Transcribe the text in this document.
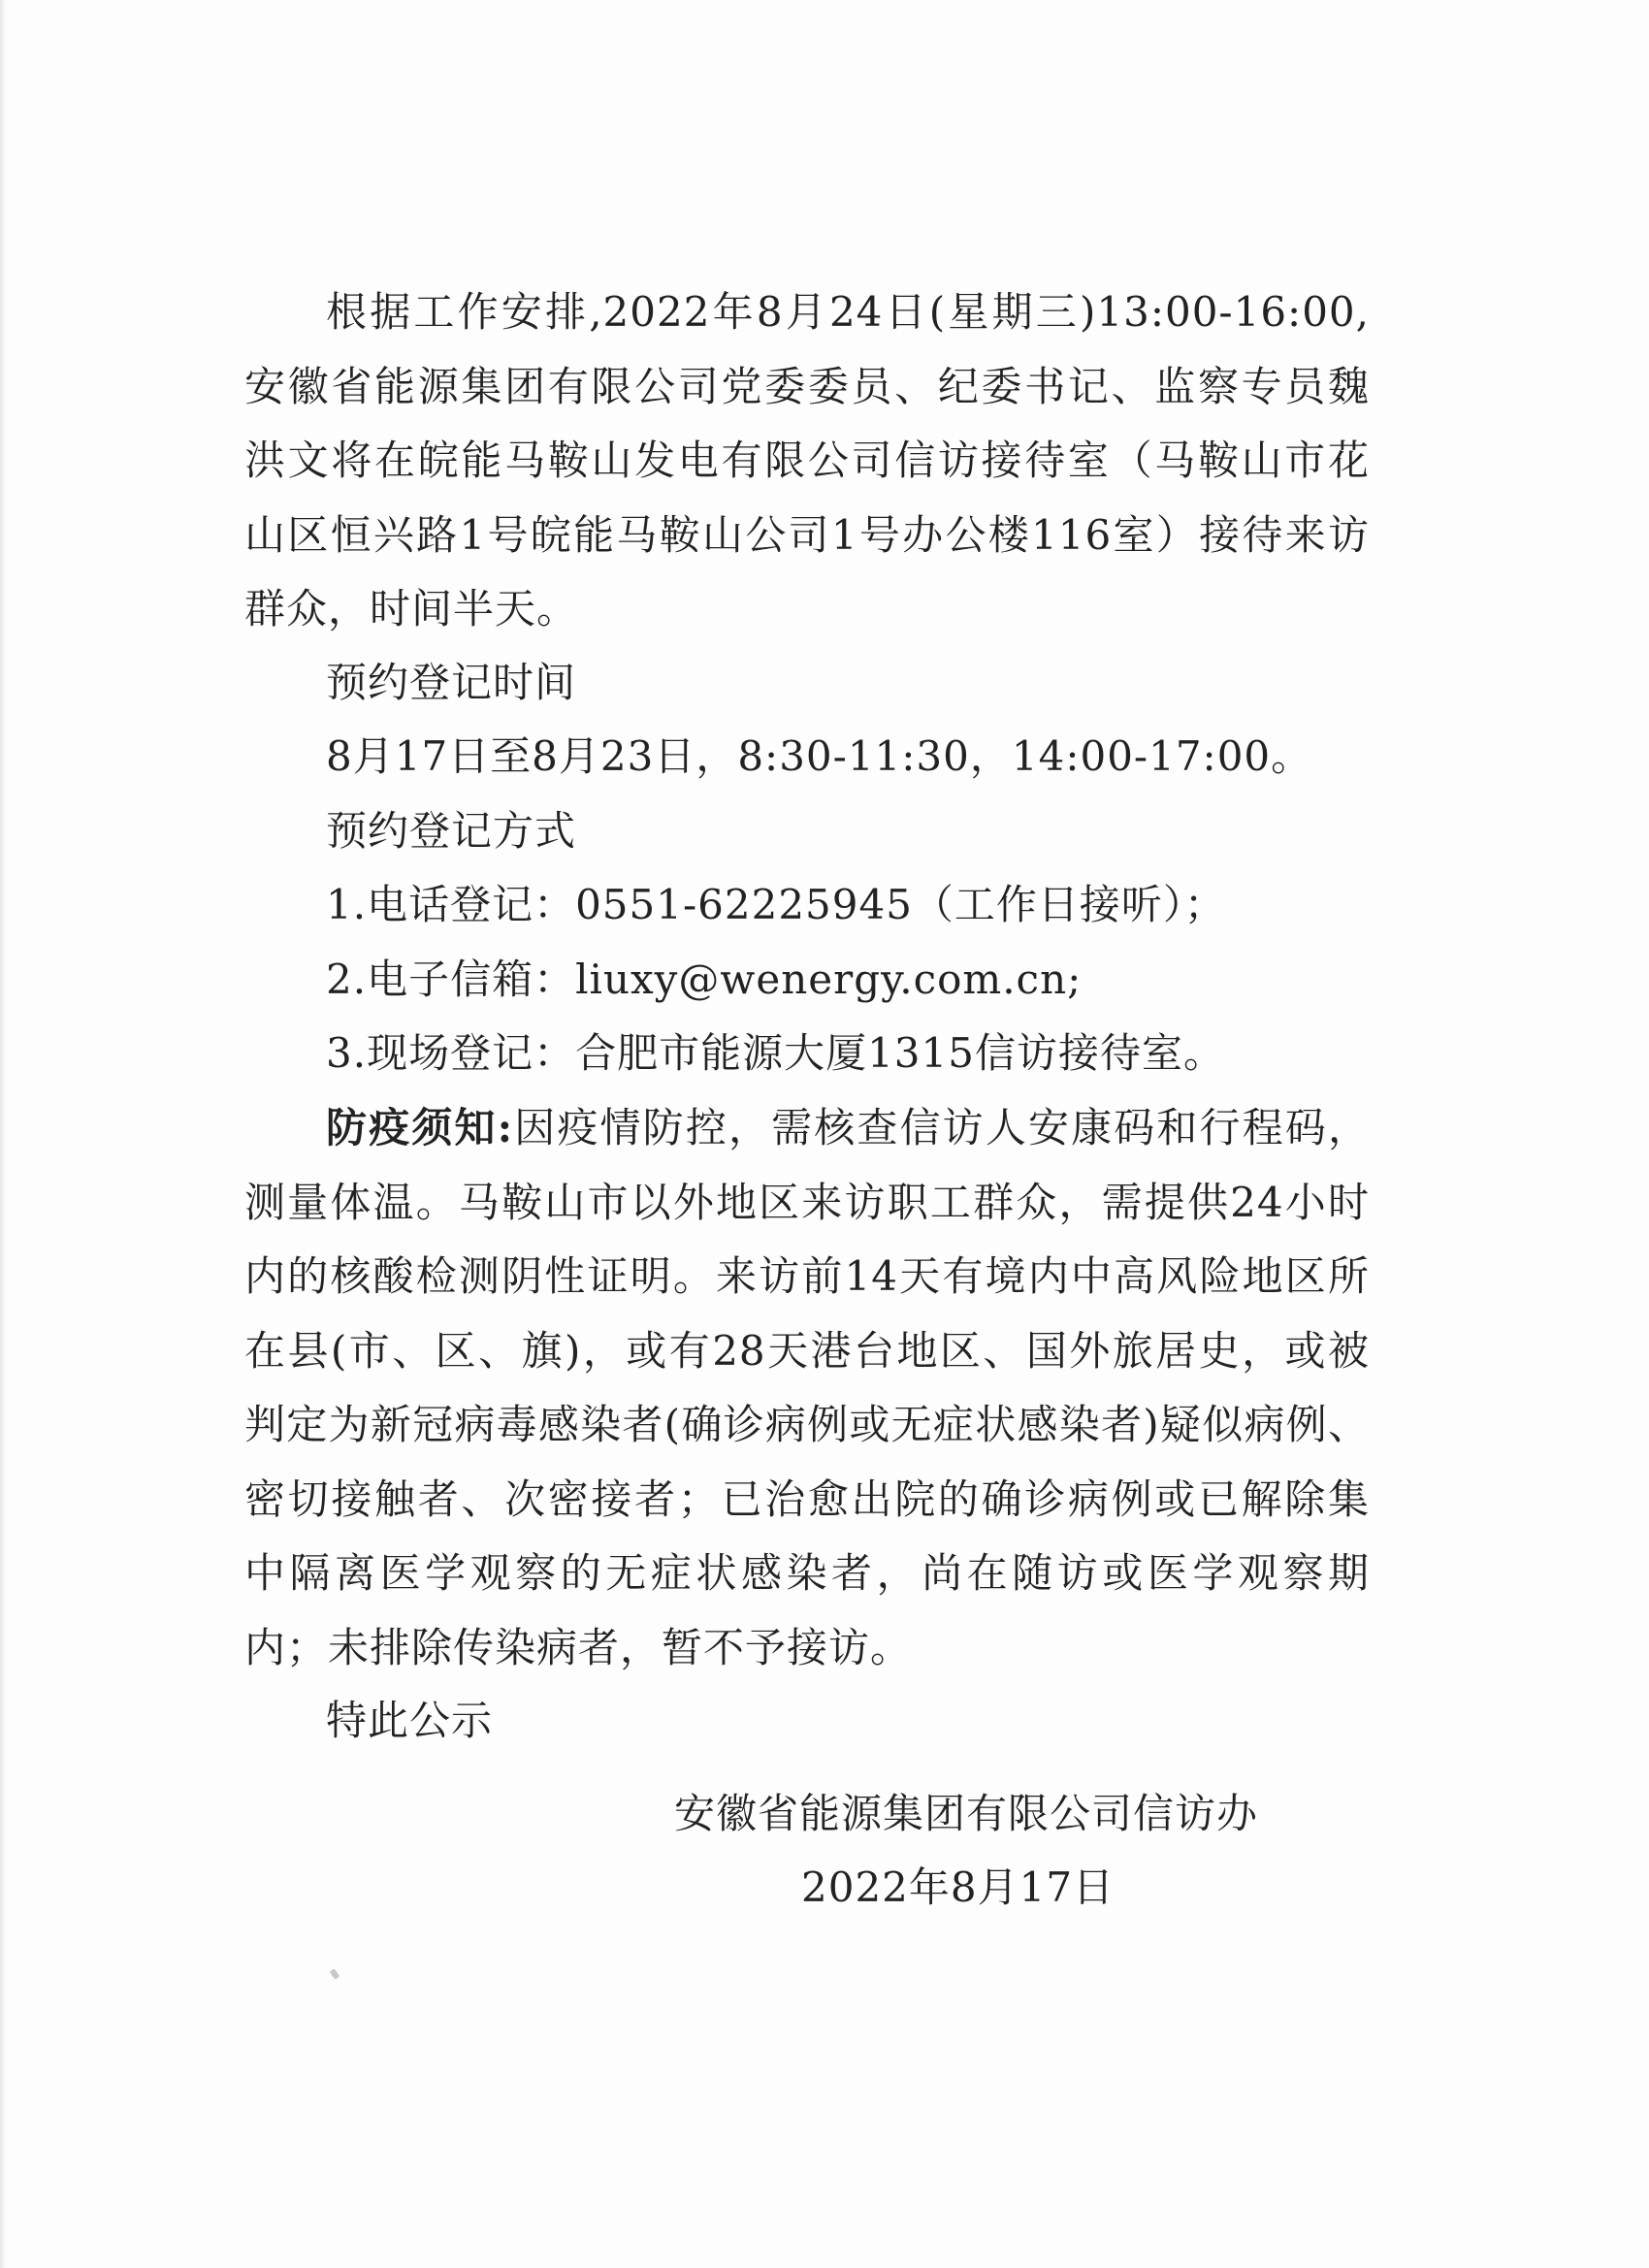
根据工作安排,2022年8月24日(星期三)13:00-16:00,安徽省能源集团有限公司党委委员、纪委书记、监察专员魏洪文将在皖能马鞍山发电有限公司信访接待室（马鞍山市花山区恒兴路1号皖能马鞍山公司1号办公楼116室）接待来访群众，时间半天。

预约登记时间
8月17日至8月23日，8:30-11:30，14:00-17:00。
预约登记方式
1.电话登记：0551-62225945（工作日接听）；
2.电子信箱：liuxy@wenergy.com.cn;
3.现场登记：合肥市能源大厦1315信访接待室。

防疫须知:因疫情防控，需核查信访人安康码和行程码，测量体温。马鞍山市以外地区来访职工群众，需提供24小时内的核酸检测阴性证明。来访前14天有境内中高风险地区所在县(市、区、旗)，或有28天港台地区、国外旅居史，或被判定为新冠病毒感染者(确诊病例或无症状感染者)疑似病例、密切接触者、次密接者；已治愈出院的确诊病例或已解除集中隔离医学观察的无症状感染者，尚在随访或医学观察期内；未排除传染病者，暂不予接访。

特此公示
安徽省能源集团有限公司信访办
2022年8月17日
